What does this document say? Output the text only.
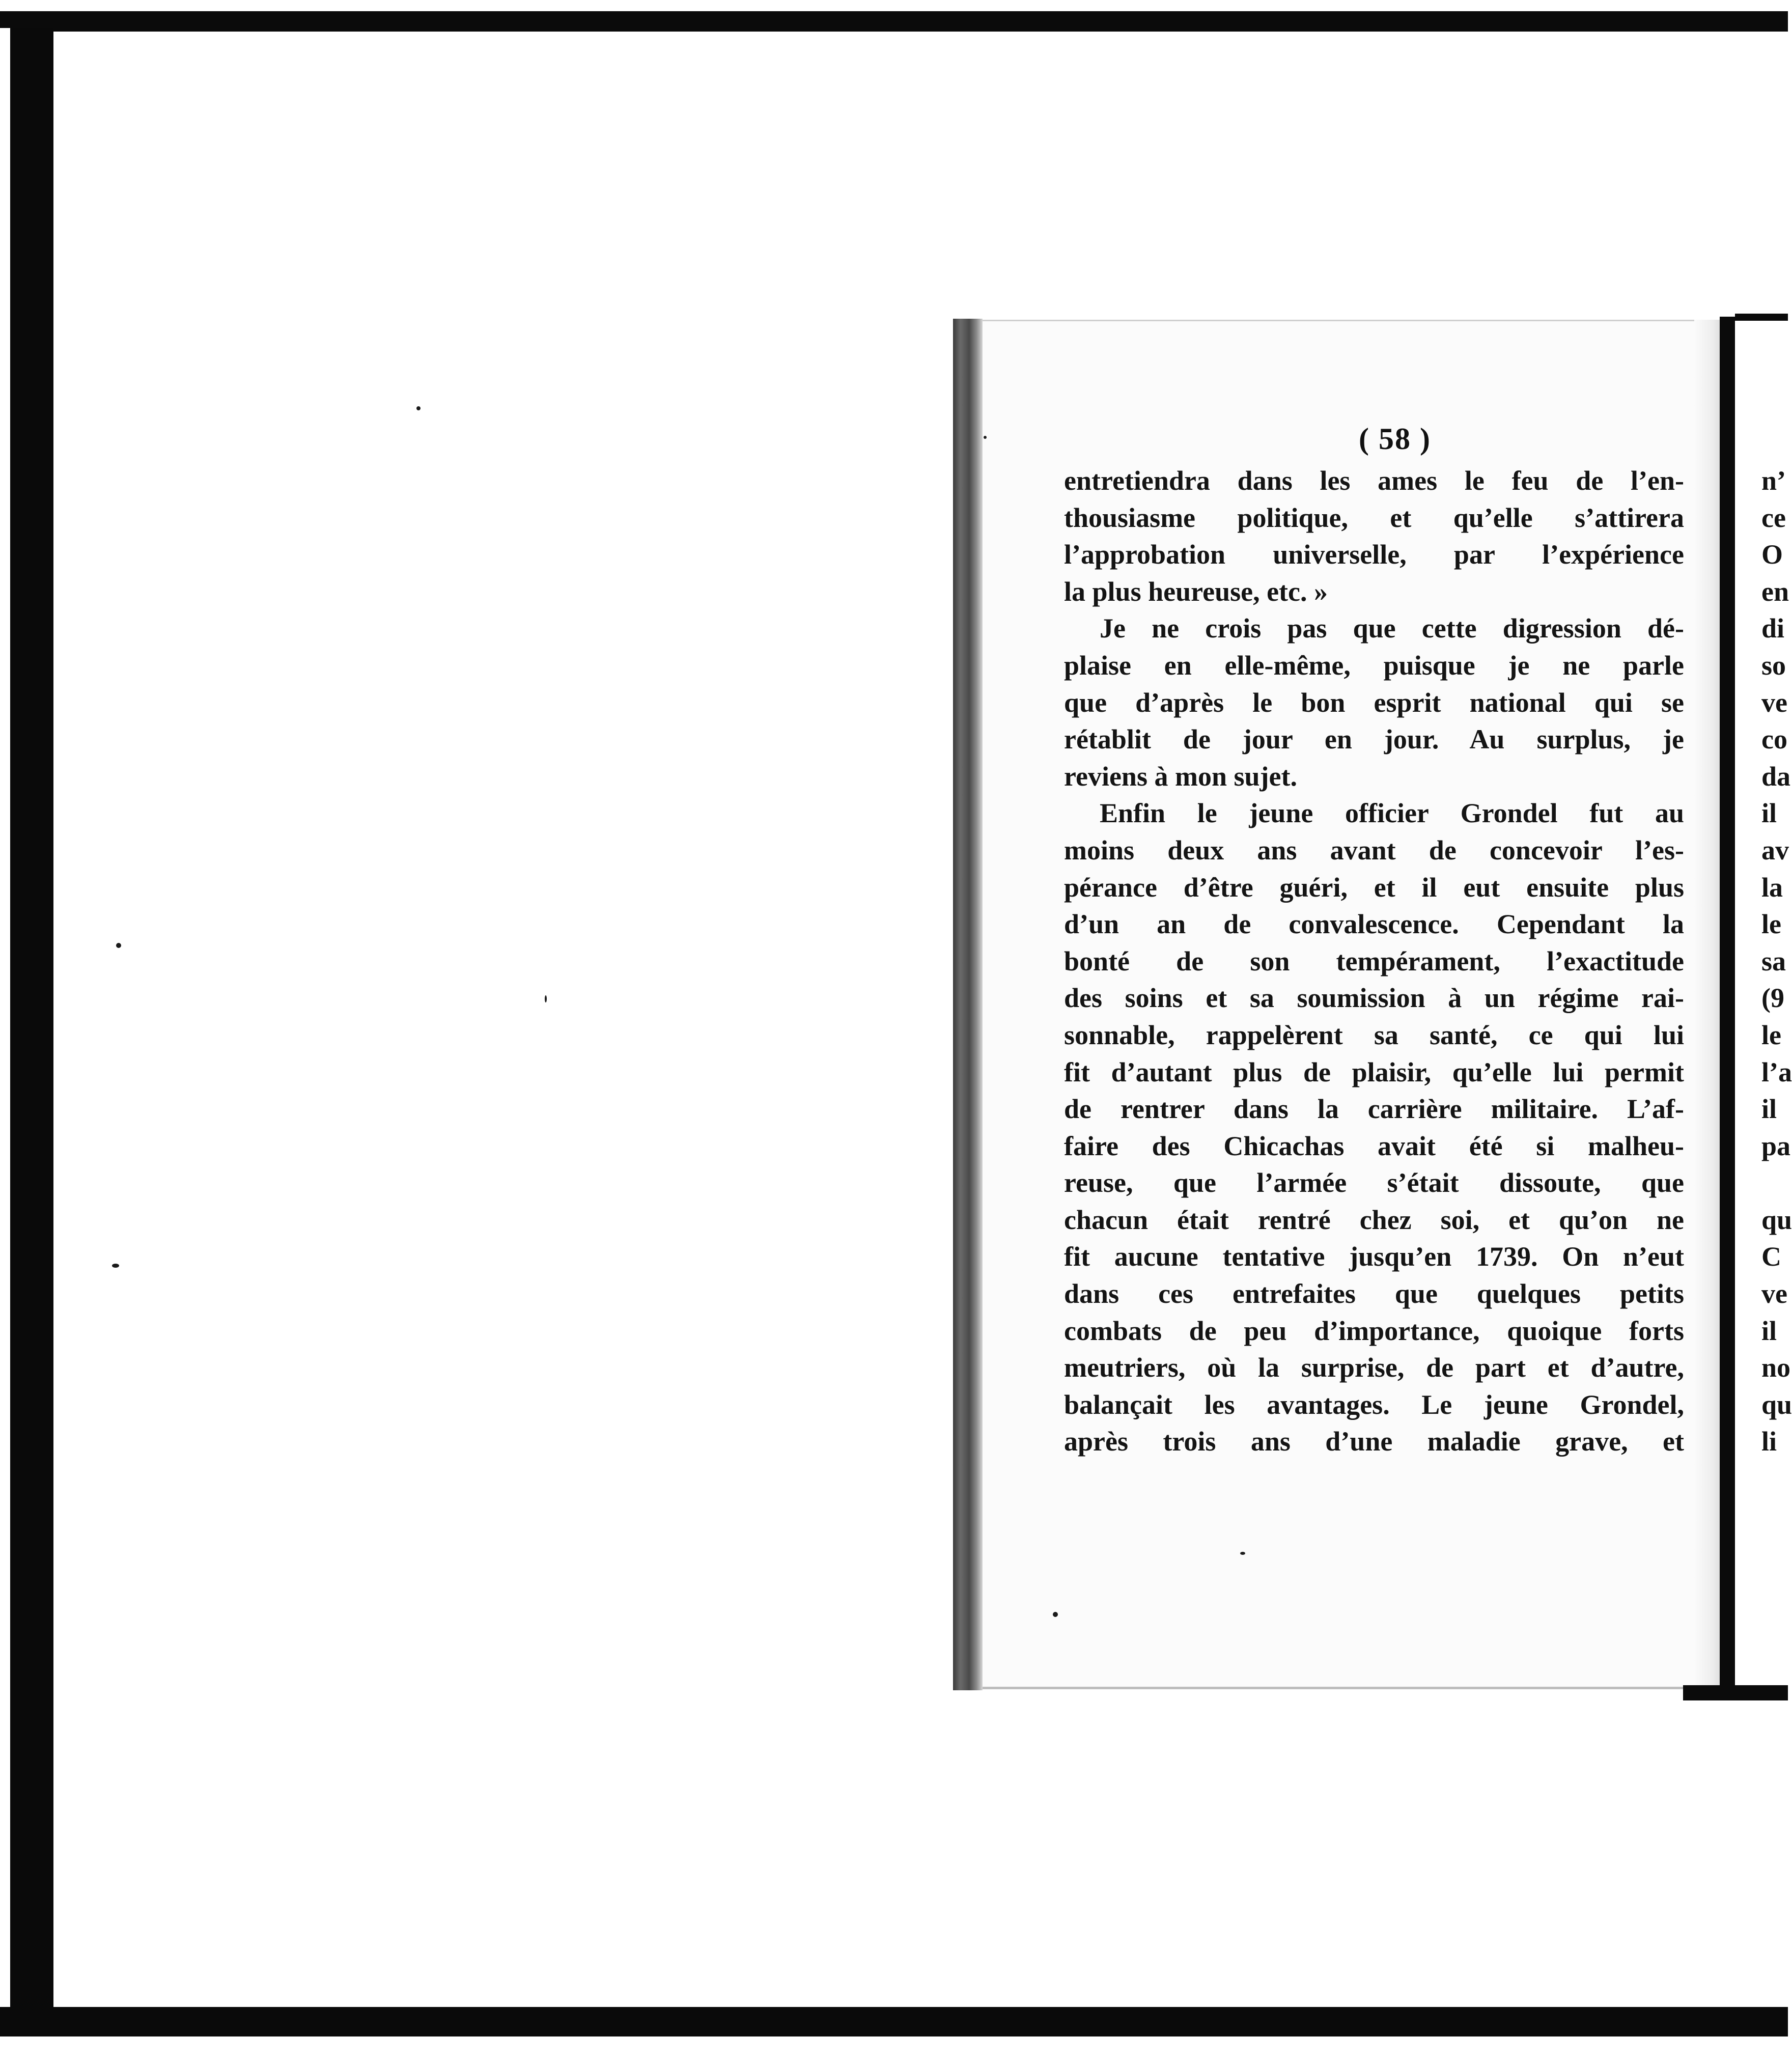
( 58 )
entretiendra dans les ames le feu de l’en-
thousiasme politique, et qu’elle s’attirera
l’approbation universelle, par l’expérience
la plus heureuse, etc. »
Je ne crois pas que cette digression dé-
plaise en elle-même, puisque je ne parle
que d’après le bon esprit national qui se
rétablit de jour en jour. Au surplus, je
reviens à mon sujet.
Enfin le jeune officier Grondel fut au
moins deux ans avant de concevoir l’es-
pérance d’être guéri, et il eut ensuite plus
d’un an de convalescence. Cependant la
bonté de son tempérament, l’exactitude
des soins et sa soumission à un régime rai-
sonnable, rappelèrent sa santé, ce qui lui
fit d’autant plus de plaisir, qu’elle lui permit
de rentrer dans la carrière militaire. L’af-
faire des Chicachas avait été si malheu-
reuse, que l’armée s’était dissoute, que
chacun était rentré chez soi, et qu’on ne
fit aucune tentative jusqu’en 1739. On n’eut
dans ces entrefaites que quelques petits
combats de peu d’importance, quoique forts
meutriers, où la surprise, de part et d’autre,
balançait les avantages. Le jeune Grondel,
après trois ans d’une maladie grave, et
n’
ce
O
en
di
so
ve
co
da
il
av
la
le
sa
(9
le
l’a
il
pa
qu
C
ve
il
no
qu
li
